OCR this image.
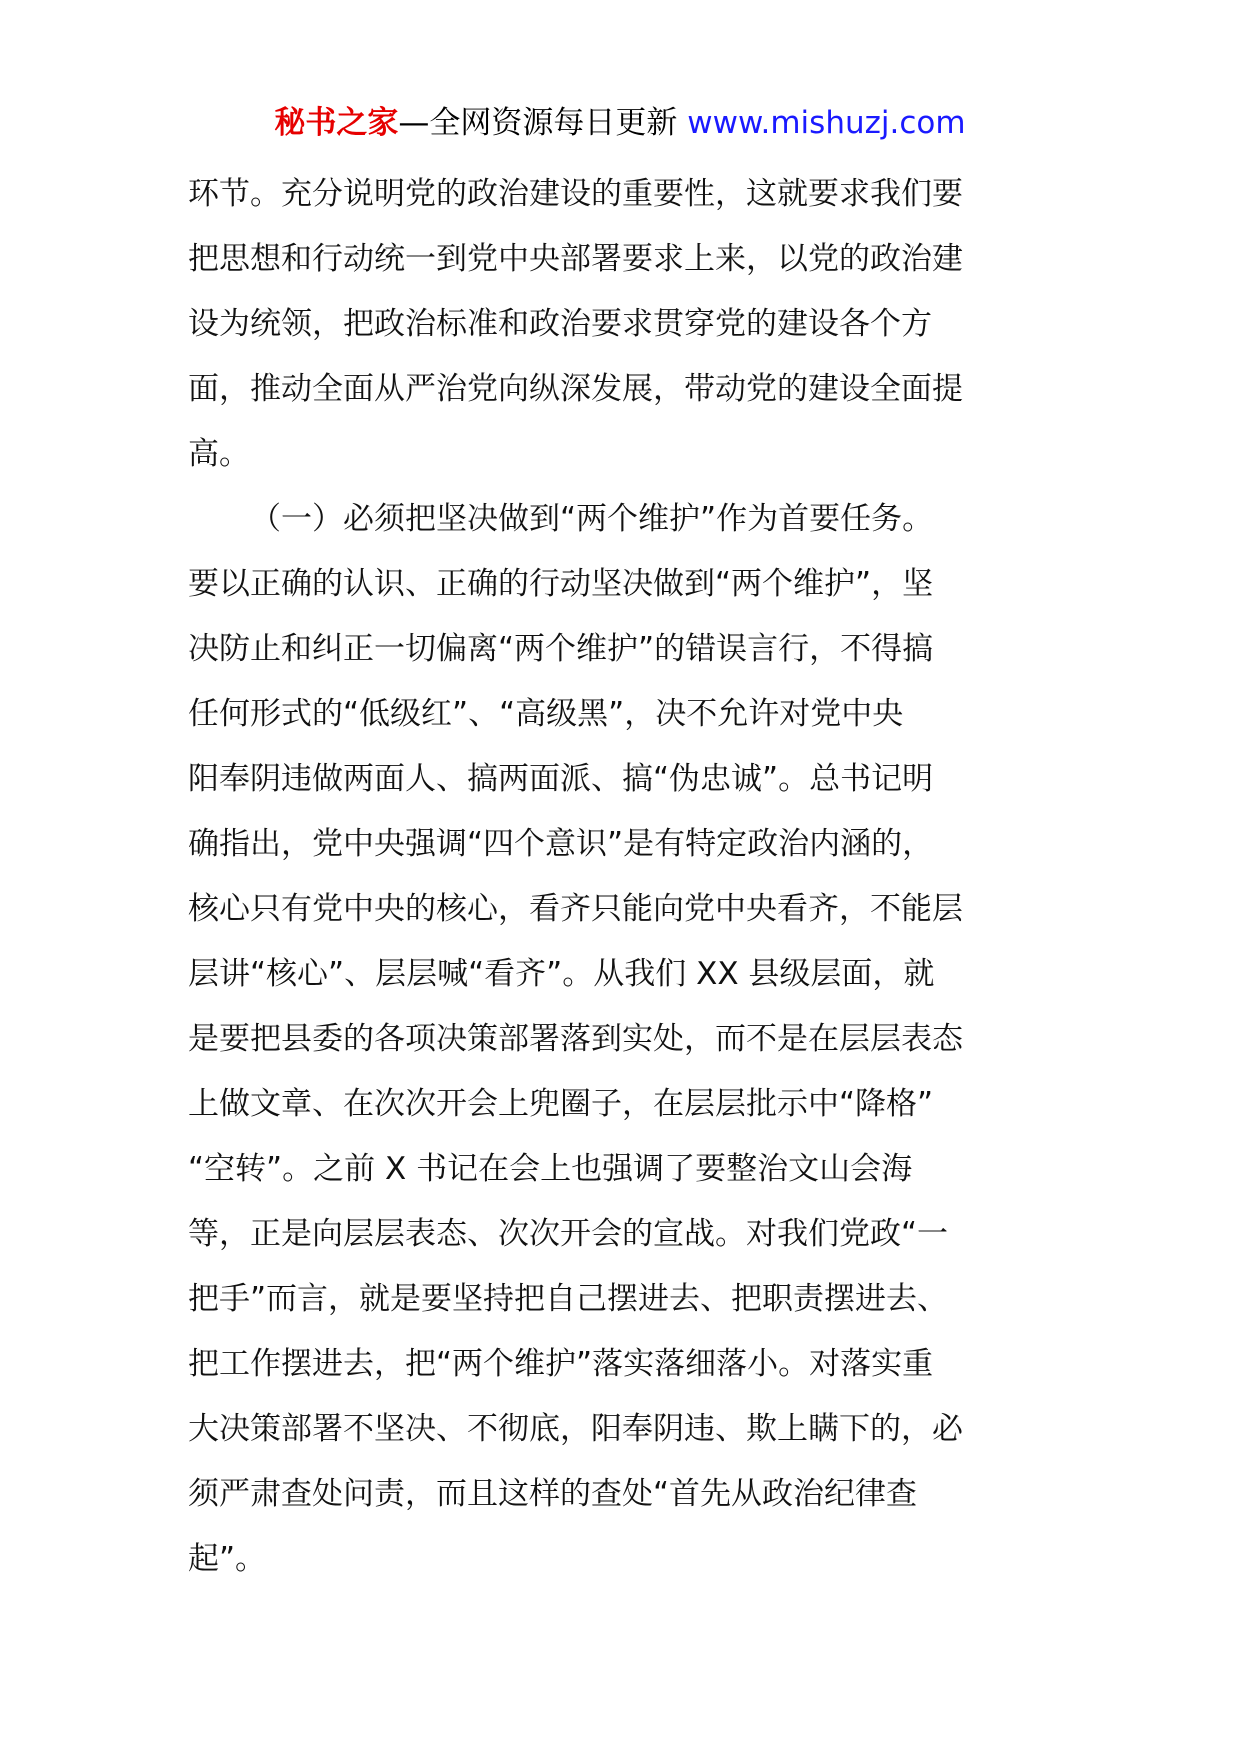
秘书之家—全网资源每日更新 www.mishuzj.com
环节。充分说明党的政治建设的重要性，这就要求我们要
把思想和行动统一到党中央部署要求上来，以党的政治建
设为统领，把政治标准和政治要求贯穿党的建设各个方
面，推动全面从严治党向纵深发展，带动党的建设全面提
高。
（一）必须把坚决做到“两个维护”作为首要任务。
要以正确的认识、正确的行动坚决做到“两个维护”，坚
决防止和纠正一切偏离“两个维护”的错误言行，不得搞
任何形式的“低级红”、“高级黑”，决不允许对党中央
阳奉阴违做两面人、搞两面派、搞“伪忠诚”。总书记明
确指出，党中央强调“四个意识”是有特定政治内涵的，
核心只有党中央的核心，看齐只能向党中央看齐，不能层
层讲“核心”、层层喊“看齐”。从我们 XX 县级层面，就
是要把县委的各项决策部署落到实处，而不是在层层表态
上做文章、在次次开会上兜圈子，在层层批示中“降格”
“空转”。之前 X 书记在会上也强调了要整治文山会海
等，正是向层层表态、次次开会的宣战。对我们党政“一
把手”而言，就是要坚持把自己摆进去、把职责摆进去、
把工作摆进去，把“两个维护”落实落细落小。对落实重
大决策部署不坚决、不彻底，阳奉阴违、欺上瞒下的，必
须严肃查处问责，而且这样的查处“首先从政治纪律查
起”。
